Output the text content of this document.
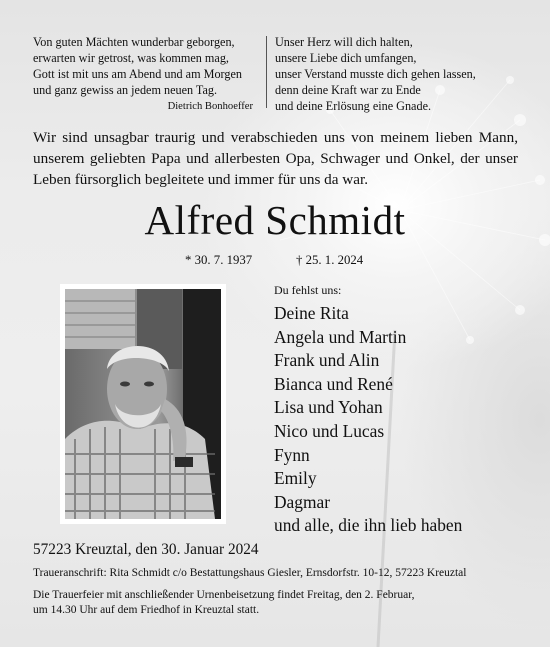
Von guten Mächten wunderbar geborgen,
erwarten wir getrost, was kommen mag,
Gott ist mit uns am Abend und am Morgen
und ganz gewiss an jedem neuen Tag.
Dietrich Bonhoeffer
Unser Herz will dich halten,
unsere Liebe dich umfangen,
unser Verstand musste dich gehen lassen,
denn deine Kraft war zu Ende
und deine Erlösung eine Gnade.
Wir sind unsagbar traurig und verabschieden uns von meinem lieben Mann, unserem geliebten Papa und allerbesten Opa, Schwager und Onkel, der unser Leben fürsorglich begleitete und immer für uns da war.
Alfred Schmidt
* 30. 7. 1937	† 25. 1. 2024
Du fehlst uns:
Deine Rita
Angela und Martin
Frank und Alin
Bianca und René
Lisa und Yohan
Nico und Lucas
Fynn
Emily
Dagmar
und alle, die ihn lieb haben
57223 Kreuztal, den 30. Januar 2024
Traueranschrift: Rita Schmidt c/o Bestattungshaus Giesler, Ernsdorfstr. 10-12, 57223 Kreuztal
Die Trauerfeier mit anschließender Urnenbeisetzung findet Freitag, den 2. Februar,
um 14.30 Uhr auf dem Friedhof in Kreuztal statt.
